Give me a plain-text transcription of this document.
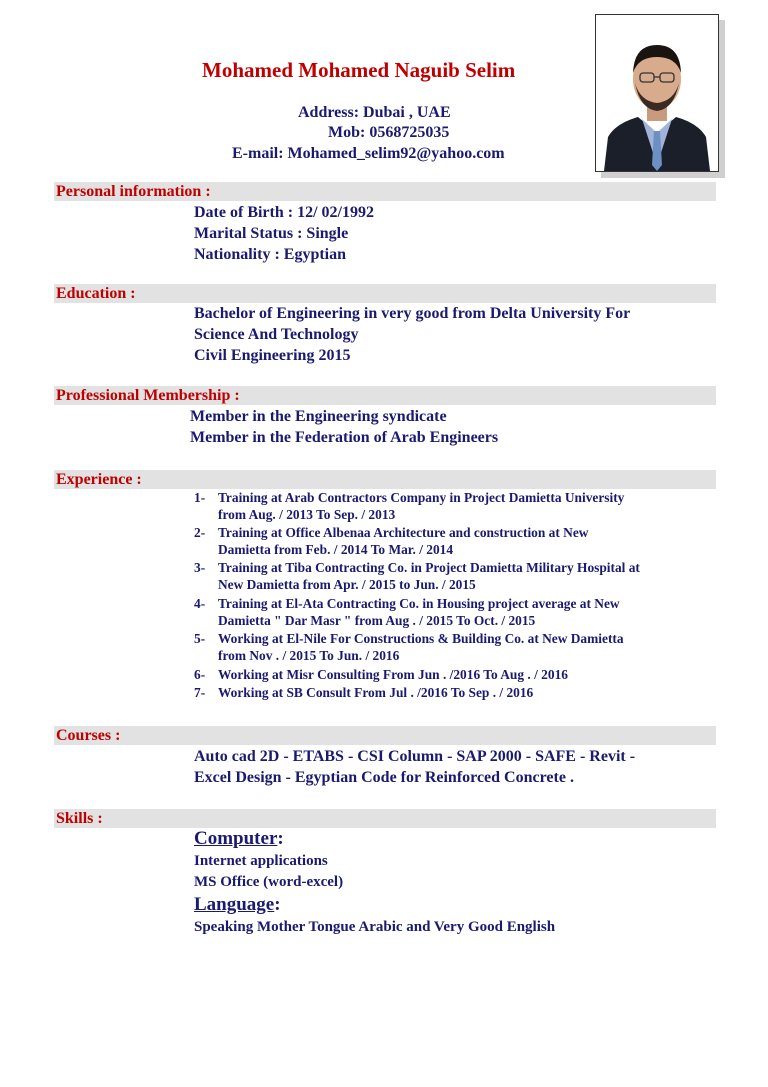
Mohamed Mohamed Naguib Selim
Address: Dubai , UAE
Mob: 0568725035
E-mail: Mohamed_selim92@yahoo.com
Personal information :
Date of Birth : 12/ 02/1992
Marital Status : Single
Nationality : Egyptian
Education :
Bachelor of Engineering in very good from Delta University For
Science And Technology
Civil Engineering 2015
Professional Membership :
Member in the Engineering syndicate
Member in the Federation of Arab Engineers
Experience :
1- Training at Arab Contractors Company in Project Damietta University
from Aug. / 2013 To Sep. / 2013
2- Training at Office Albenaa Architecture and construction at New
Damietta from Feb. / 2014 To Mar. / 2014
3- Training at Tiba Contracting Co. in Project Damietta Military Hospital at
New Damietta from Apr. / 2015 to Jun. / 2015
4- Training at El-Ata Contracting Co. in Housing project average at New
Damietta " Dar Masr " from Aug . / 2015 To Oct. / 2015
5- Working at El-Nile For Constructions & Building Co. at New Damietta
from Nov . / 2015 To Jun. / 2016
6- Working at Misr Consulting From Jun . /2016 To Aug . / 2016
7- Working at SB Consult From Jul . /2016 To Sep . / 2016
Courses :
Auto cad 2D - ETABS - CSI Column - SAP 2000 - SAFE - Revit -
Excel Design - Egyptian Code for Reinforced Concrete .
Skills :
Computer:
Internet applications
MS Office (word-excel)
Language:
Speaking Mother Tongue Arabic and Very Good English
